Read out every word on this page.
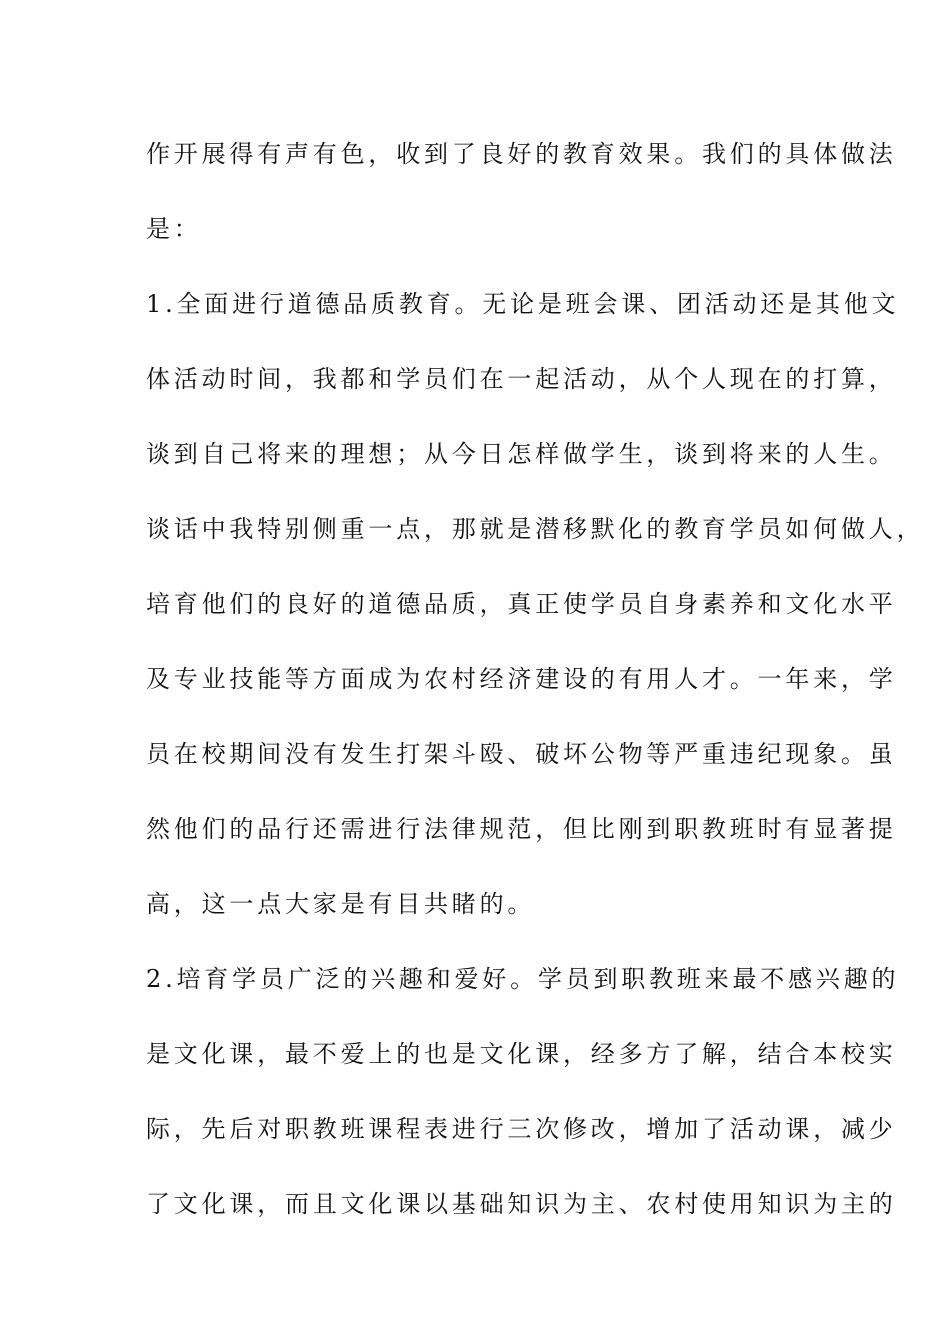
作开展得有声有色，收到了良好的教育效果。我们的具体做法
是：
1.全面进行道德品质教育。无论是班会课、团活动还是其他文
体活动时间，我都和学员们在一起活动，从个人现在的打算，
谈到自己将来的理想；从今日怎样做学生，谈到将来的人生。
谈话中我特别侧重一点，那就是潜移默化的教育学员如何做人，
培育他们的良好的道德品质，真正使学员自身素养和文化水平
及专业技能等方面成为农村经济建设的有用人才。一年来，学
员在校期间没有发生打架斗殴、破坏公物等严重违纪现象。虽
然他们的品行还需进行法律规范，但比刚到职教班时有显著提
高，这一点大家是有目共睹的。
2.培育学员广泛的兴趣和爱好。学员到职教班来最不感兴趣的
是文化课，最不爱上的也是文化课，经多方了解，结合本校实
际，先后对职教班课程表进行三次修改，增加了活动课，减少
了文化课，而且文化课以基础知识为主、农村使用知识为主的
